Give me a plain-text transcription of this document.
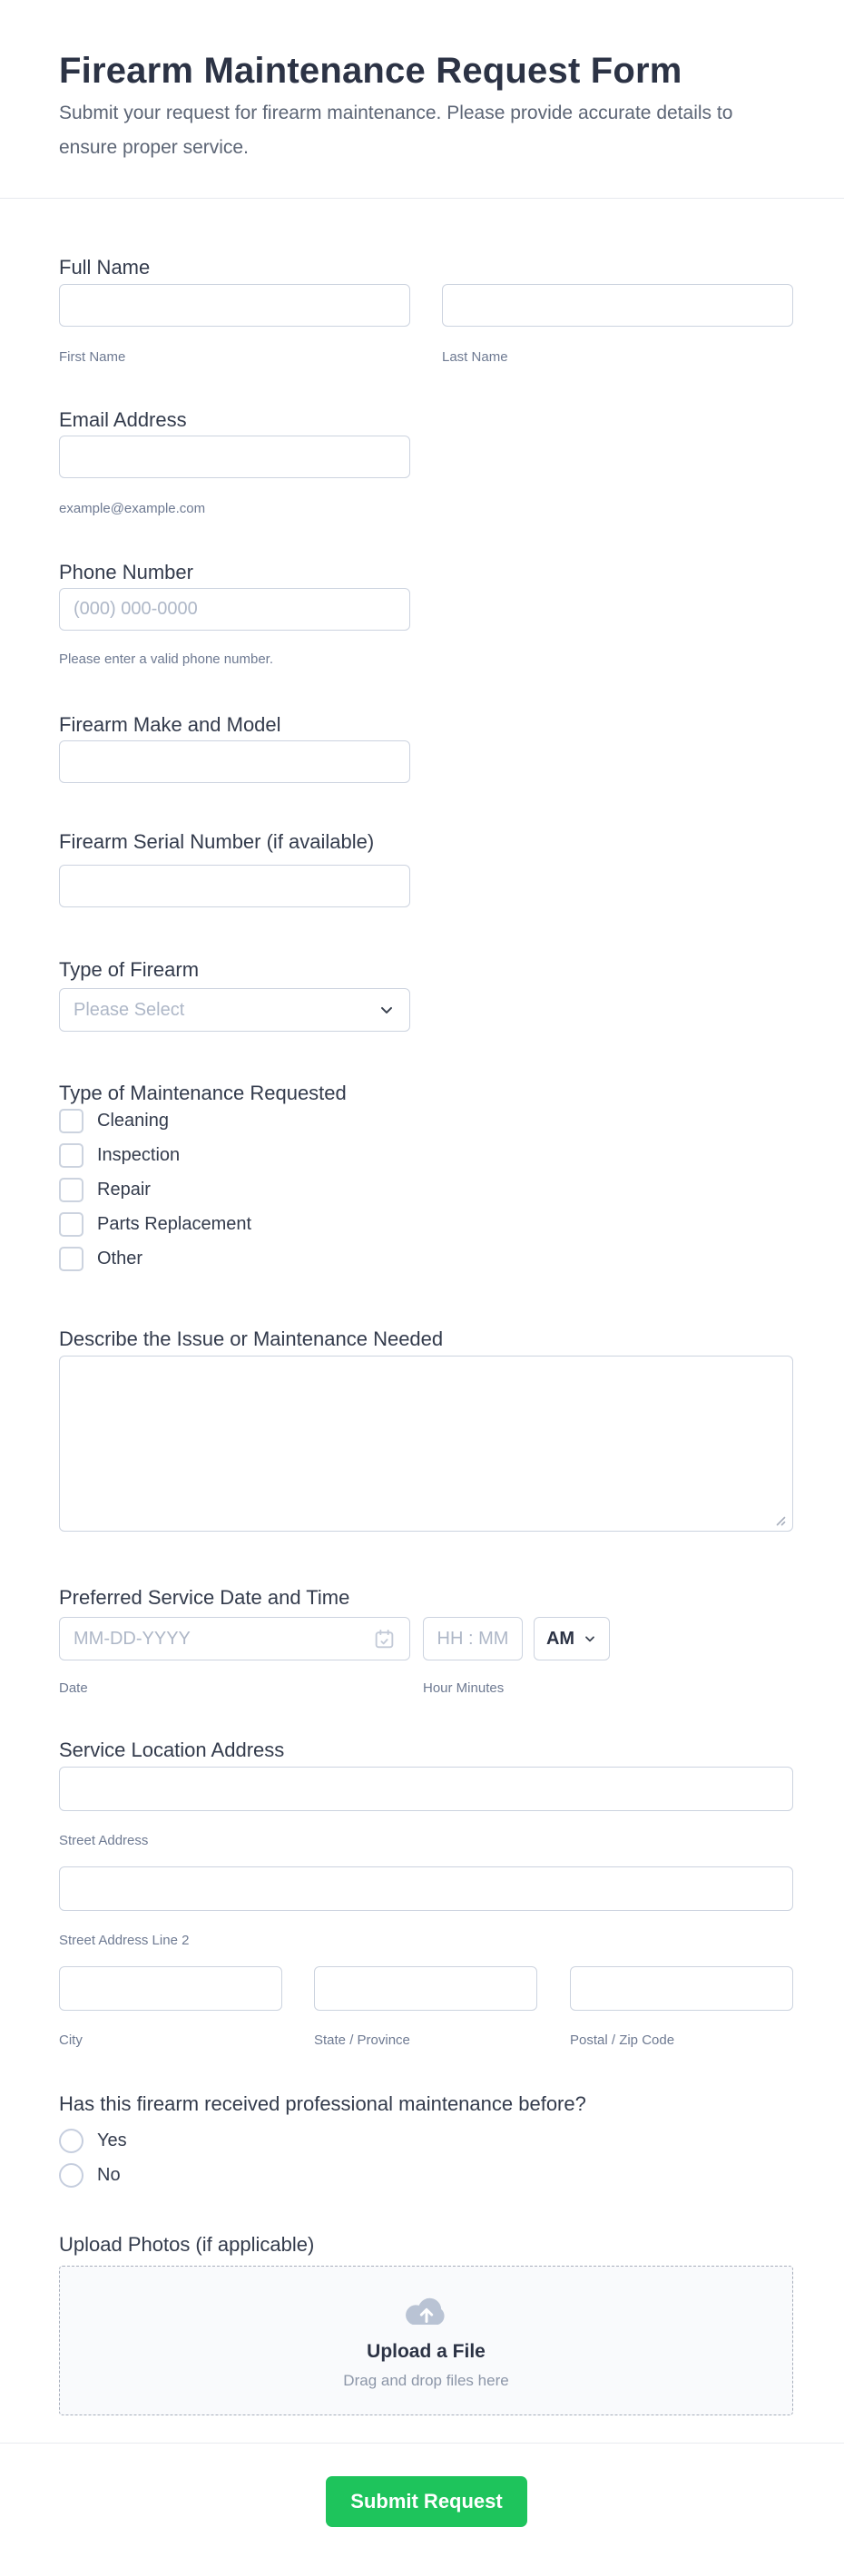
Firearm Maintenance Request Form
Submit your request for firearm maintenance. Please provide accurate details to ensure proper service.
Full Name
First Name	Last Name
Email Address
example@example.com
Phone Number
(000) 000-0000
Please enter a valid phone number.
Firearm Make and Model
Firearm Serial Number (if available)
Type of Firearm
Please Select
Type of Maintenance Requested
Cleaning
Inspection
Repair
Parts Replacement
Other
Describe the Issue or Maintenance Needed
Preferred Service Date and Time
MM-DD-YYYY
HH : MM
AM
Date	Hour Minutes
Service Location Address
Street Address
Street Address Line 2
City	State / Province	Postal / Zip Code
Has this firearm received professional maintenance before?
Yes
No
Upload Photos (if applicable)
Upload a File
Drag and drop files here
Submit Request
